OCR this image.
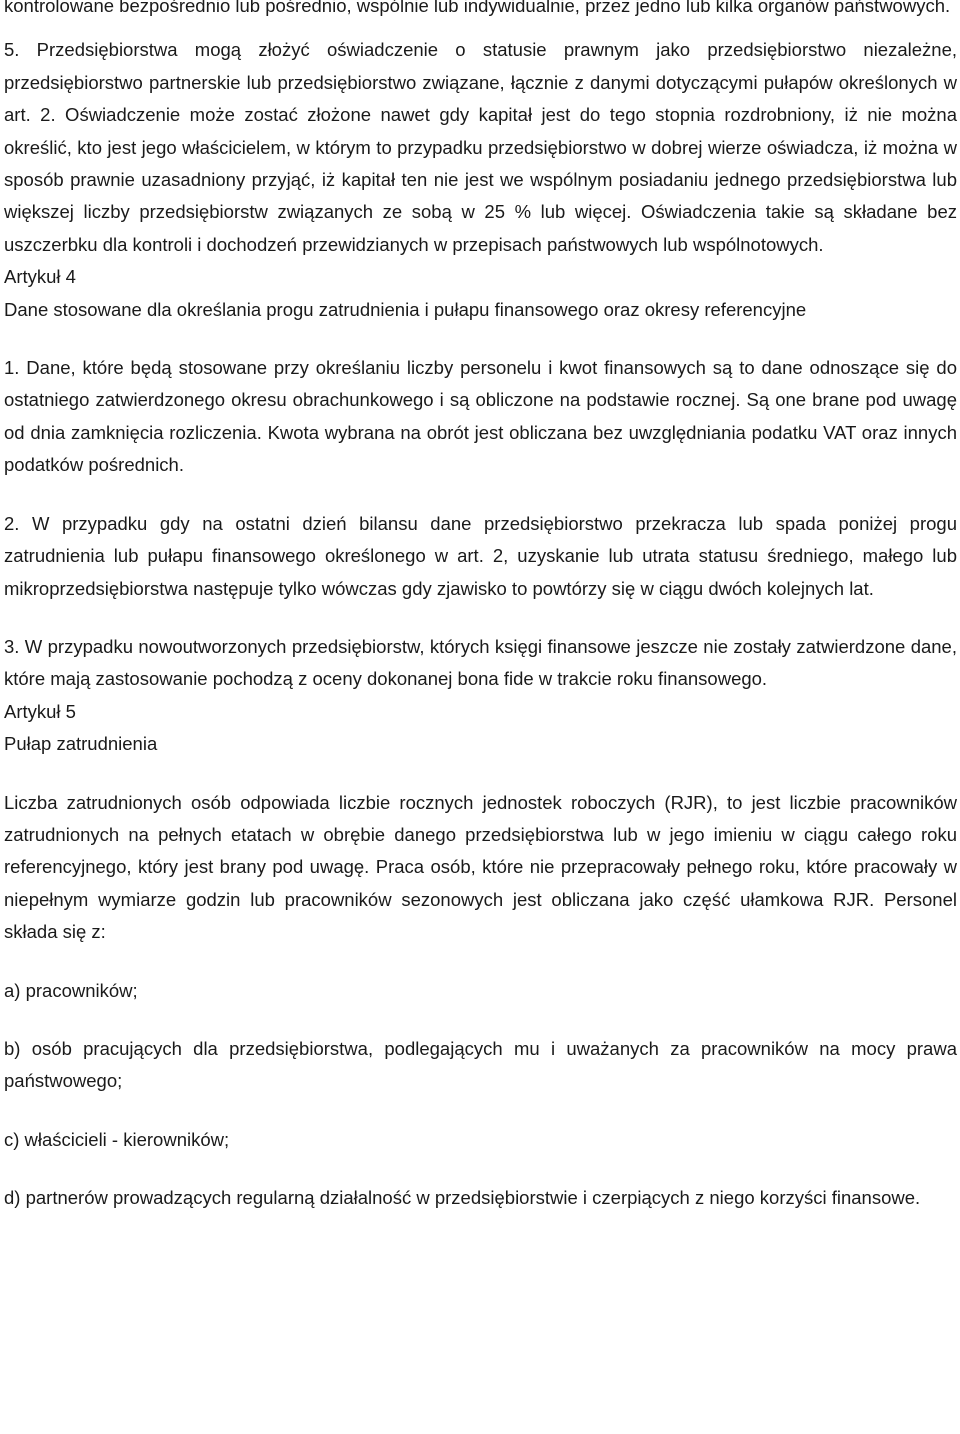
kontrolowane bezpośrednio lub pośrednio, wspólnie lub indywidualnie, przez jedno lub kilka organów państwowych.

5. Przedsiębiorstwa mogą złożyć oświadczenie o statusie prawnym jako przedsiębiorstwo niezależne, przedsiębiorstwo partnerskie lub przedsiębiorstwo związane, łącznie z danymi dotyczącymi pułapów określonych w art. 2. Oświadczenie może zostać złożone nawet gdy kapitał jest do tego stopnia rozdrobniony, iż nie można określić, kto jest jego właścicielem, w którym to przypadku przedsiębiorstwo w dobrej wierze oświadcza, iż można w sposób prawnie uzasadniony przyjąć, iż kapitał ten nie jest we wspólnym posiadaniu jednego przedsiębiorstwa lub większej liczby przedsiębiorstw związanych ze sobą w 25 % lub więcej. Oświadczenia takie są składane bez uszczerbku dla kontroli i dochodzeń przewidzianych w przepisach państwowych lub wspólnotowych.

Artykuł 4

Dane stosowane dla określania progu zatrudnienia i pułapu finansowego oraz okresy referencyjne

1. Dane, które będą stosowane przy określaniu liczby personelu i kwot finansowych są to dane odnoszące się do ostatniego zatwierdzonego okresu obrachunkowego i są obliczone na podstawie rocznej. Są one brane pod uwagę od dnia zamknięcia rozliczenia. Kwota wybrana na obrót jest obliczana bez uwzględniania podatku VAT oraz innych podatków pośrednich.

2. W przypadku gdy na ostatni dzień bilansu dane przedsiębiorstwo przekracza lub spada poniżej progu zatrudnienia lub pułapu finansowego określonego w art. 2, uzyskanie lub utrata statusu średniego, małego lub mikroprzedsiębiorstwa następuje tylko wówczas gdy zjawisko to powtórzy się w ciągu dwóch kolejnych lat.

3. W przypadku nowoutworzonych przedsiębiorstw, których księgi finansowe jeszcze nie zostały zatwierdzone dane, które mają zastosowanie pochodzą z oceny dokonanej bona fide w trakcie roku finansowego.

Artykuł 5

Pułap zatrudnienia

Liczba zatrudnionych osób odpowiada liczbie rocznych jednostek roboczych (RJR), to jest liczbie pracowników zatrudnionych na pełnych etatach w obrębie danego przedsiębiorstwa lub w jego imieniu w ciągu całego roku referencyjnego, który jest brany pod uwagę. Praca osób, które nie przepracowały pełnego roku, które pracowały w niepełnym wymiarze godzin lub pracowników sezonowych jest obliczana jako część ułamkowa RJR. Personel składa się z:

a) pracowników;

b) osób pracujących dla przedsiębiorstwa, podlegających mu i uważanych za pracowników na mocy prawa państwowego;

c) właścicieli - kierowników;

d) partnerów prowadzących regularną działalność w przedsiębiorstwie i czerpiących z niego korzyści finansowe.
